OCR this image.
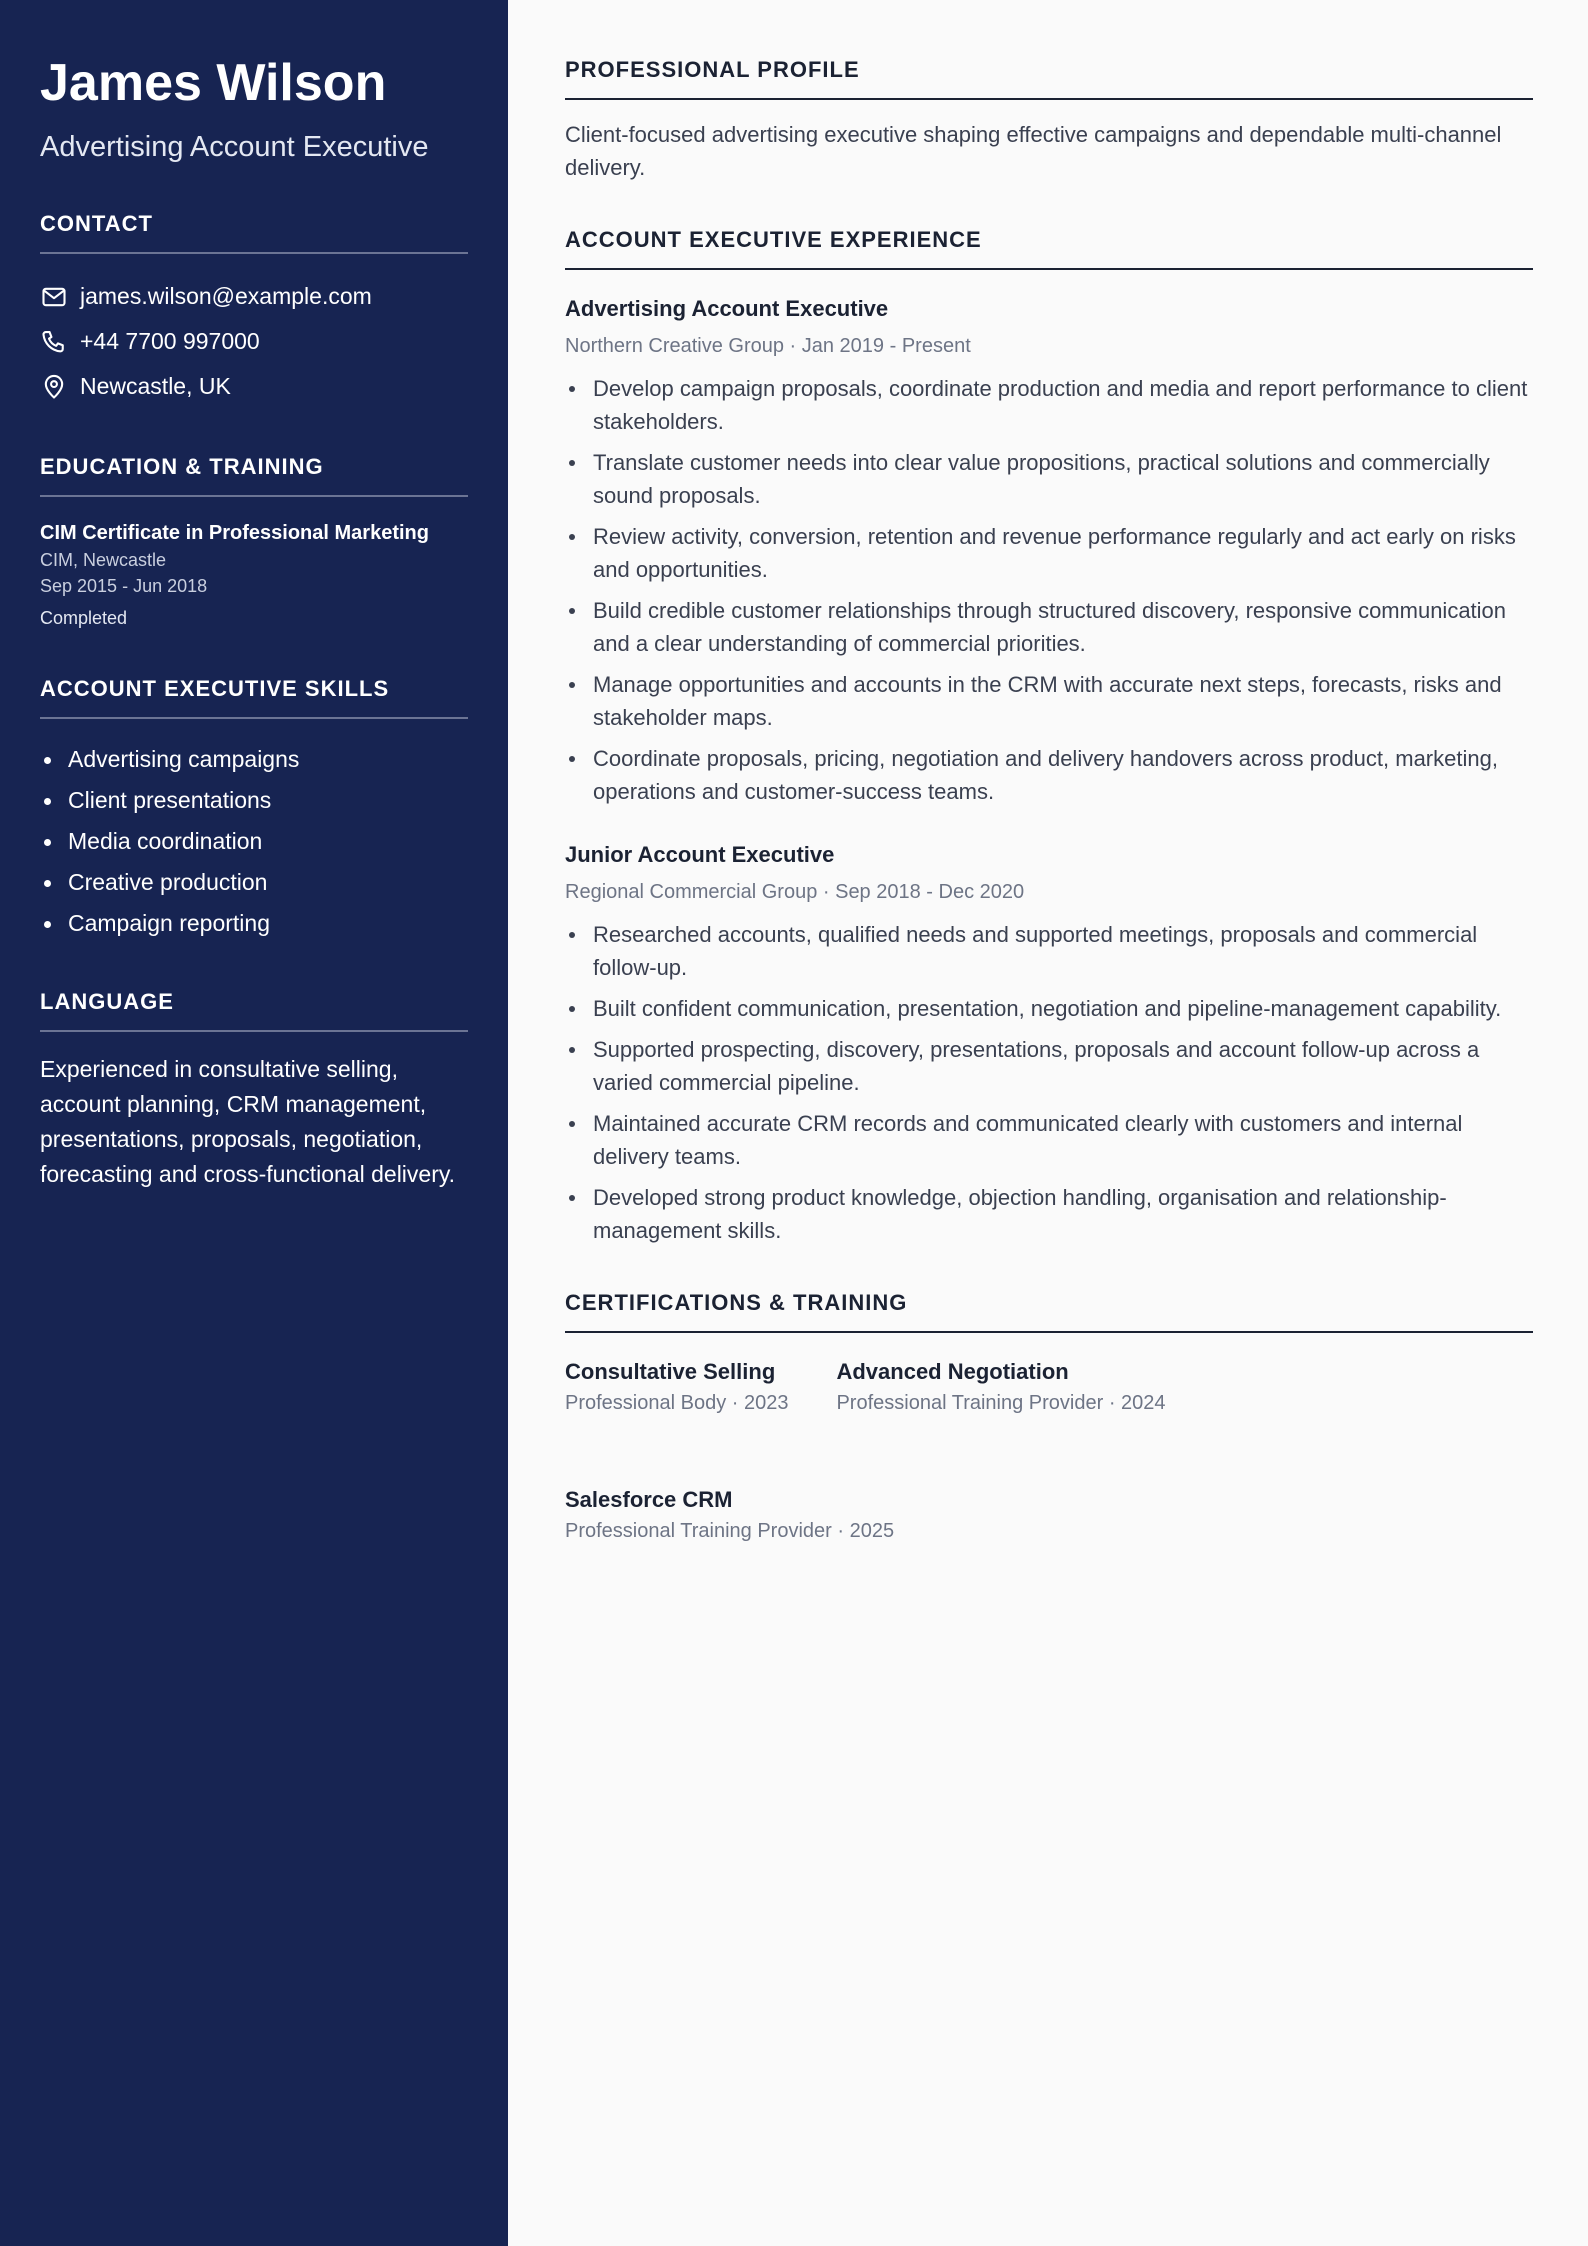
James Wilson
Advertising Account Executive
CONTACT
james.wilson@example.com
+44 7700 997000
Newcastle, UK
EDUCATION & TRAINING
CIM Certificate in Professional Marketing
CIM, Newcastle
Sep 2015 - Jun 2018
Completed
ACCOUNT EXECUTIVE SKILLS
Advertising campaigns
Client presentations
Media coordination
Creative production
Campaign reporting
LANGUAGE
Experienced in consultative selling, account planning, CRM management, presentations, proposals, negotiation, forecasting and cross-functional delivery.
PROFESSIONAL PROFILE
Client-focused advertising executive shaping effective campaigns and dependable multi-channel delivery.
ACCOUNT EXECUTIVE EXPERIENCE
Advertising Account Executive
Northern Creative Group · Jan 2019 - Present
Develop campaign proposals, coordinate production and media and report performance to client stakeholders.
Translate customer needs into clear value propositions, practical solutions and commercially sound proposals.
Review activity, conversion, retention and revenue performance regularly and act early on risks and opportunities.
Build credible customer relationships through structured discovery, responsive communication and a clear understanding of commercial priorities.
Manage opportunities and accounts in the CRM with accurate next steps, forecasts, risks and stakeholder maps.
Coordinate proposals, pricing, negotiation and delivery handovers across product, marketing, operations and customer-success teams.
Junior Account Executive
Regional Commercial Group · Sep 2018 - Dec 2020
Researched accounts, qualified needs and supported meetings, proposals and commercial follow-up.
Built confident communication, presentation, negotiation and pipeline-management capability.
Supported prospecting, discovery, presentations, proposals and account follow-up across a varied commercial pipeline.
Maintained accurate CRM records and communicated clearly with customers and internal delivery teams.
Developed strong product knowledge, objection handling, organisation and relationship-management skills.
CERTIFICATIONS & TRAINING
Consultative Selling
Professional Body · 2023
Advanced Negotiation
Professional Training Provider · 2024
Salesforce CRM
Professional Training Provider · 2025
